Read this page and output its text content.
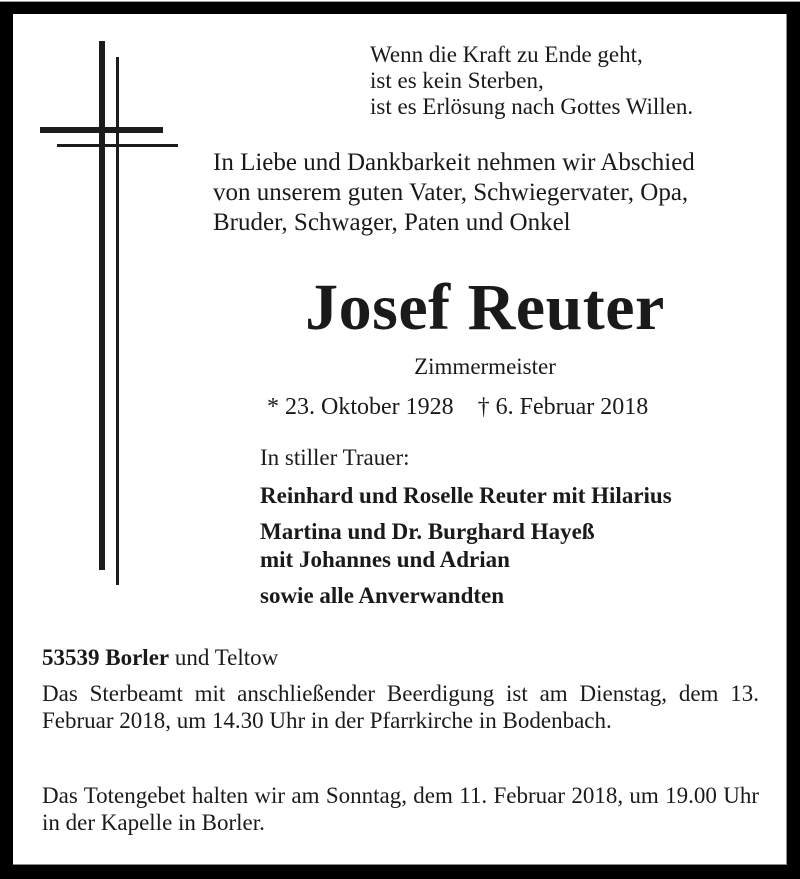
Wenn die Kraft zu Ende geht,
ist es kein Sterben,
ist es Erlösung nach Gottes Willen.
In Liebe und Dankbarkeit nehmen wir Abschied
von unserem guten Vater, Schwiegervater, Opa,
Bruder, Schwager, Paten und Onkel
Josef Reuter
Zimmermeister
* 23. Oktober 1928 † 6. Februar 2018
In stiller Trauer:
Reinhard und Roselle Reuter mit Hilarius
Martina und Dr. Burghard Hayeß
mit Johannes und Adrian
sowie alle Anverwandten
53539 Borler und Teltow
Das Sterbeamt mit anschließender Beerdigung ist am Dienstag, dem 13. Februar 2018, um 14.30 Uhr in der Pfarrkirche in Bodenbach.
Das Totengebet halten wir am Sonntag, dem 11. Februar 2018, um 19.00 Uhr in der Kapelle in Borler.
